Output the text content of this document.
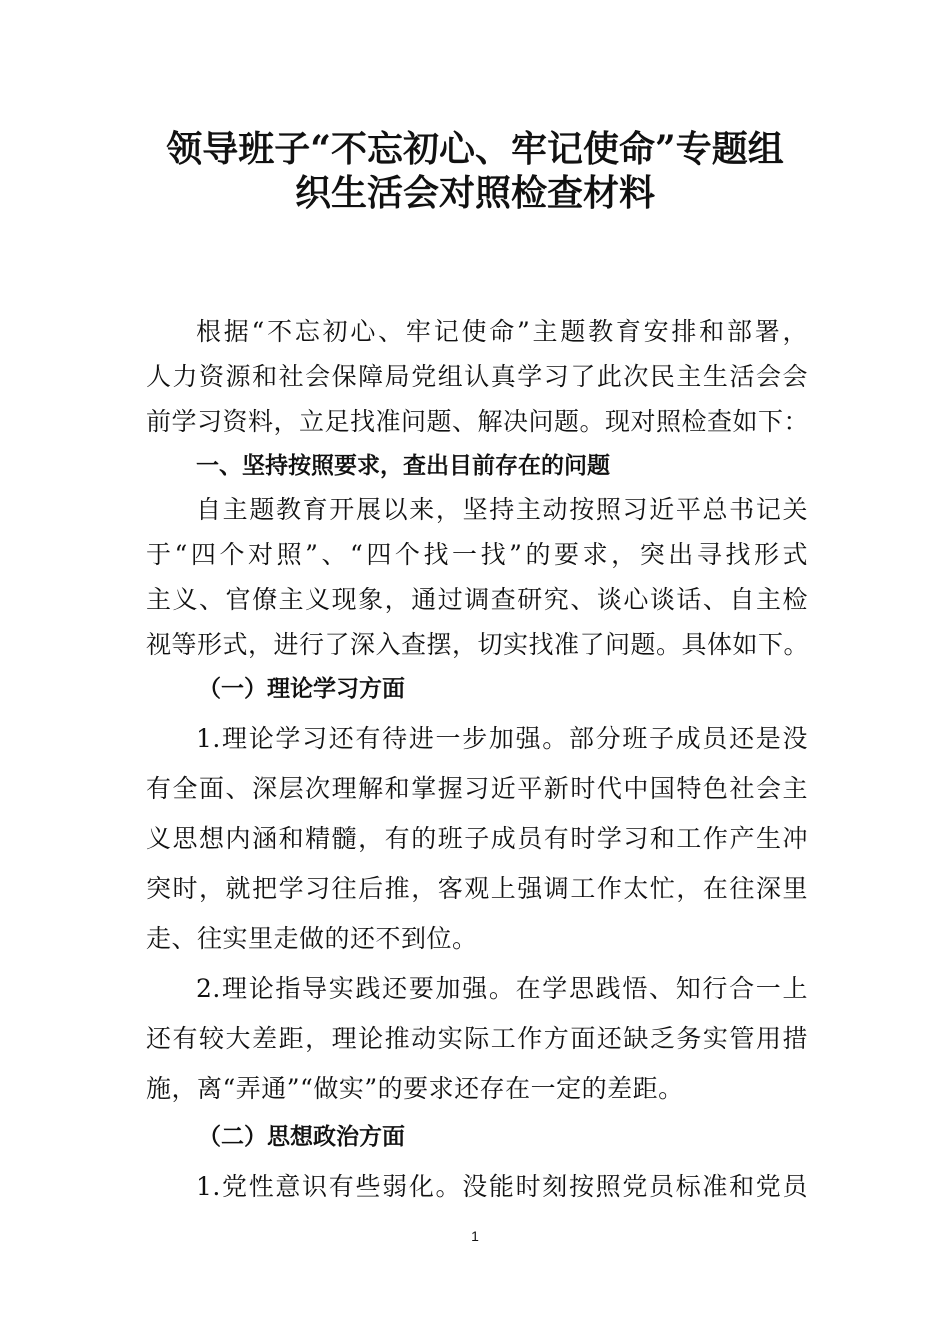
领导班子“不忘初心、牢记使命”专题组
织生活会对照检查材料
根据“不忘初心、牢记使命”主题教育安排和部署，
人力资源和社会保障局党组认真学习了此次民主生活会会
前学习资料，立足找准问题、解决问题。现对照检查如下：
一、坚持按照要求，查出目前存在的问题
自主题教育开展以来，坚持主动按照习近平总书记关
于“四个对照”、“四个找一找”的要求，突出寻找形式
主义、官僚主义现象，通过调查研究、谈心谈话、自主检
视等形式，进行了深入查摆，切实找准了问题。具体如下。
（一）理论学习方面
1.理论学习还有待进一步加强。部分班子成员还是没
有全面、深层次理解和掌握习近平新时代中国特色社会主
义思想内涵和精髓，有的班子成员有时学习和工作产生冲
突时，就把学习往后推，客观上强调工作太忙，在往深里
走、往实里走做的还不到位。
2.理论指导实践还要加强。在学思践悟、知行合一上
还有较大差距，理论推动实际工作方面还缺乏务实管用措
施，离“弄通”“做实”的要求还存在一定的差距。
（二）思想政治方面
1.党性意识有些弱化。没能时刻按照党员标准和党员
1
